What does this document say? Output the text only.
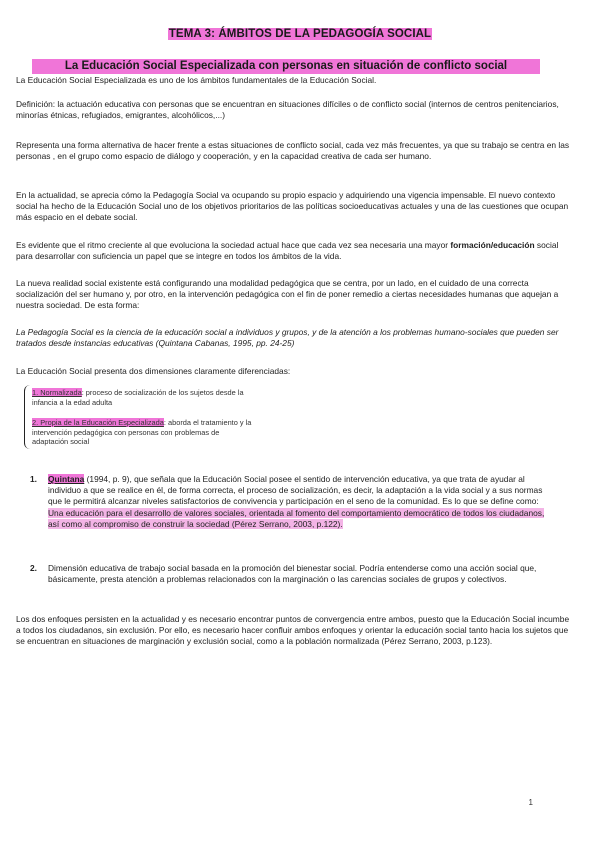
TEMA 3: ÁMBITOS DE LA PEDAGOGÍA SOCIAL
La Educación Social Especializada con personas en situación de conflicto social

La Educación Social Especializada es uno de los ámbitos fundamentales de la Educación Social.

Definición: la actuación educativa con personas que se encuentran en situaciones difíciles o de conflicto social (internos de centros penitenciarios, minorías étnicas, refugiados, emigrantes, alcohólicos,...)

Representa una forma alternativa de hacer frente a estas situaciones de conflicto social, cada vez más frecuentes, ya que su trabajo se centra en las personas , en el grupo como espacio de diálogo y cooperación, y en la capacidad creativa de cada ser humano.

En la actualidad, se aprecia cómo la Pedagogía Social va ocupando su propio espacio y adquiriendo una vigencia impensable. El nuevo contexto social ha hecho de la Educación Social uno de los objetivos prioritarios de las políticas socioeducativas actuales y una de las cuestiones que ocupan más espacio en el debate social.

Es evidente que el ritmo creciente al que evoluciona la sociedad actual hace que cada vez sea necesaria una mayor formación/educación social para desarrollar con suficiencia un papel que se integre en todos los ámbitos de la vida.

La nueva realidad social existente está configurando una modalidad pedagógica que se centra, por un lado, en el cuidado de una correcta socialización del ser humano y, por otro, en la intervención pedagógica con el fin de poner remedio a ciertas necesidades humanas que aquejan a nuestra sociedad. De esta forma:

La Pedagogía Social es la ciencia de la educación social a individuos y grupos, y de la atención a los problemas humano-sociales que pueden ser tratados desde instancias educativas (Quintana Cabanas, 1995, pp. 24-25)

La Educación Social presenta dos dimensiones claramente diferenciadas:

1. Normalizada: proceso de socialización de los sujetos desde la infancia a la edad adulta
2. Propia de la Educación Especializada: aborda el tratamiento y la intervención pedagógica con personas con problemas de adaptación social
1. Quintana (1994, p. 9), que señala que la Educación Social posee el sentido de intervención educativa, ya que trata de ayudar al individuo a que se realice en él, de forma correcta, el proceso de socialización, es decir, la adaptación a la vida social y a sus normas que le permitirá alcanzar niveles satisfactorios de convivencia y participación en el seno de la comunidad. Es lo que se define como: Una educación para el desarrollo de valores sociales, orientada al fomento del comportamiento democrático de todos los ciudadanos, así como al compromiso de construir la sociedad (Pérez Serrano, 2003, p.122).
2. Dimensión educativa de trabajo social basada en la promoción del bienestar social. Podría entenderse como una acción social que, básicamente, presta atención a problemas relacionados con la marginación o las carencias sociales de grupos y colectivos.

Los dos enfoques persisten en la actualidad y es necesario encontrar puntos de convergencia entre ambos, puesto que la Educación Social incumbe a todos los ciudadanos, sin exclusión. Por ello, es necesario hacer confluir ambos enfoques y orientar la educación social tanto hacia los sujetos que se encuentran en situaciones de marginación y exclusión social, como a la población normalizada (Pérez Serrano, 2003, p.123).

1
